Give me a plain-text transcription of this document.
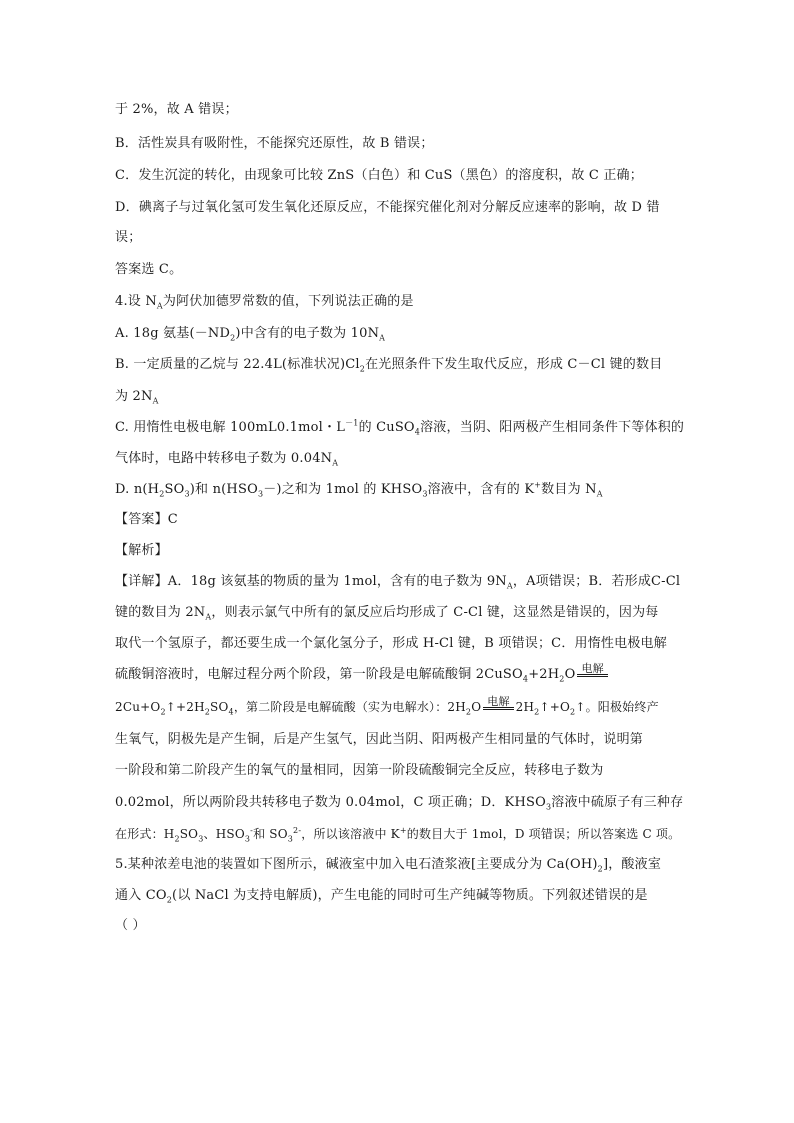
于 2%，故 A 错误；
B．活性炭具有吸附性，不能探究还原性，故 B 错误；
C．发生沉淀的转化，由现象可比较 ZnS（白色）和 CuS（黑色）的溶度积，故 C 正确；
D．碘离子与过氧化氢可发生氧化还原反应，不能探究催化剂对分解反应速率的影响，故 D 错
误；
答案选 C。
4.设 $N_A$为阿伏加德罗常数的值，下列说法正确的是
A. 18g 氨基$(-ND_2)$中含有的电子数为 $10N_A$
B. 一定质量的乙烷与 22.4L(标准状况)$Cl_2$在光照条件下发生取代反应，形成 C－Cl 键的数目
为 $2N_A$
C. 用惰性电极电解 100mL0.1mol・$L^{-1}$的 CuSO$_4$溶液，当阴、阳两极产生相同条件下等体积的
气体时，电路中转移电子数为 $0.04N_A$
D. $n(H_2SO_3)$和 $n(HSO_3-)$之和为 1mol 的 $KHSO_3$溶液中，含有的 K+数目为 $N_A$
【答案】C
【解析】
【详解】A．18g 该氨基的物质的量为 1mol，含有的电子数为 $9N_A$，A项错误；B．若形成C-Cl
键的数目为 $2N_A$，则表示氯气中所有的氯反应后均形成了 C-Cl 键，这显然是错误的，因为每
取代一个氢原子，都还要生成一个氯化氢分子，形成 H-Cl 键，B 项错误；C．用惰性电极电解
硫酸铜溶液时，电解过程分两个阶段，第一阶段是电解硫酸铜 $2CuSO_4+2H_2O$ 电解
$2Cu+O_2↑+2H_2SO_4$，第二阶段是电解硫酸（实为电解水）：$2H_2O$ 电解 $2H_2↑+O_2↑$。阳极始终产
生氧气，阴极先是产生铜，后是产生氢气，因此当阴、阳两极产生相同量的气体时，说明第
一阶段和第二阶段产生的氧气的量相同，因第一阶段硫酸铜完全反应，转移电子数为
0.02mol，所以两阶段共转移电子数为 0.04mol，C 项正确；D．$KHSO_3$溶液中硫原子有三种存
在形式：$H_2SO_3$、$HSO_3^-$和 $SO_3^{2-}$，所以该溶液中 K+的数目大于 1mol，D 项错误；所以答案选 C 项。
5.某种浓差电池的装置如下图所示，碱液室中加入电石渣浆液[主要成分为 $Ca(OH)_2$]，酸液室
通入 $CO_2$(以 NaCl 为支持电解质)，产生电能的同时可生产纯碱等物质。下列叙述错误的是
（ ）
